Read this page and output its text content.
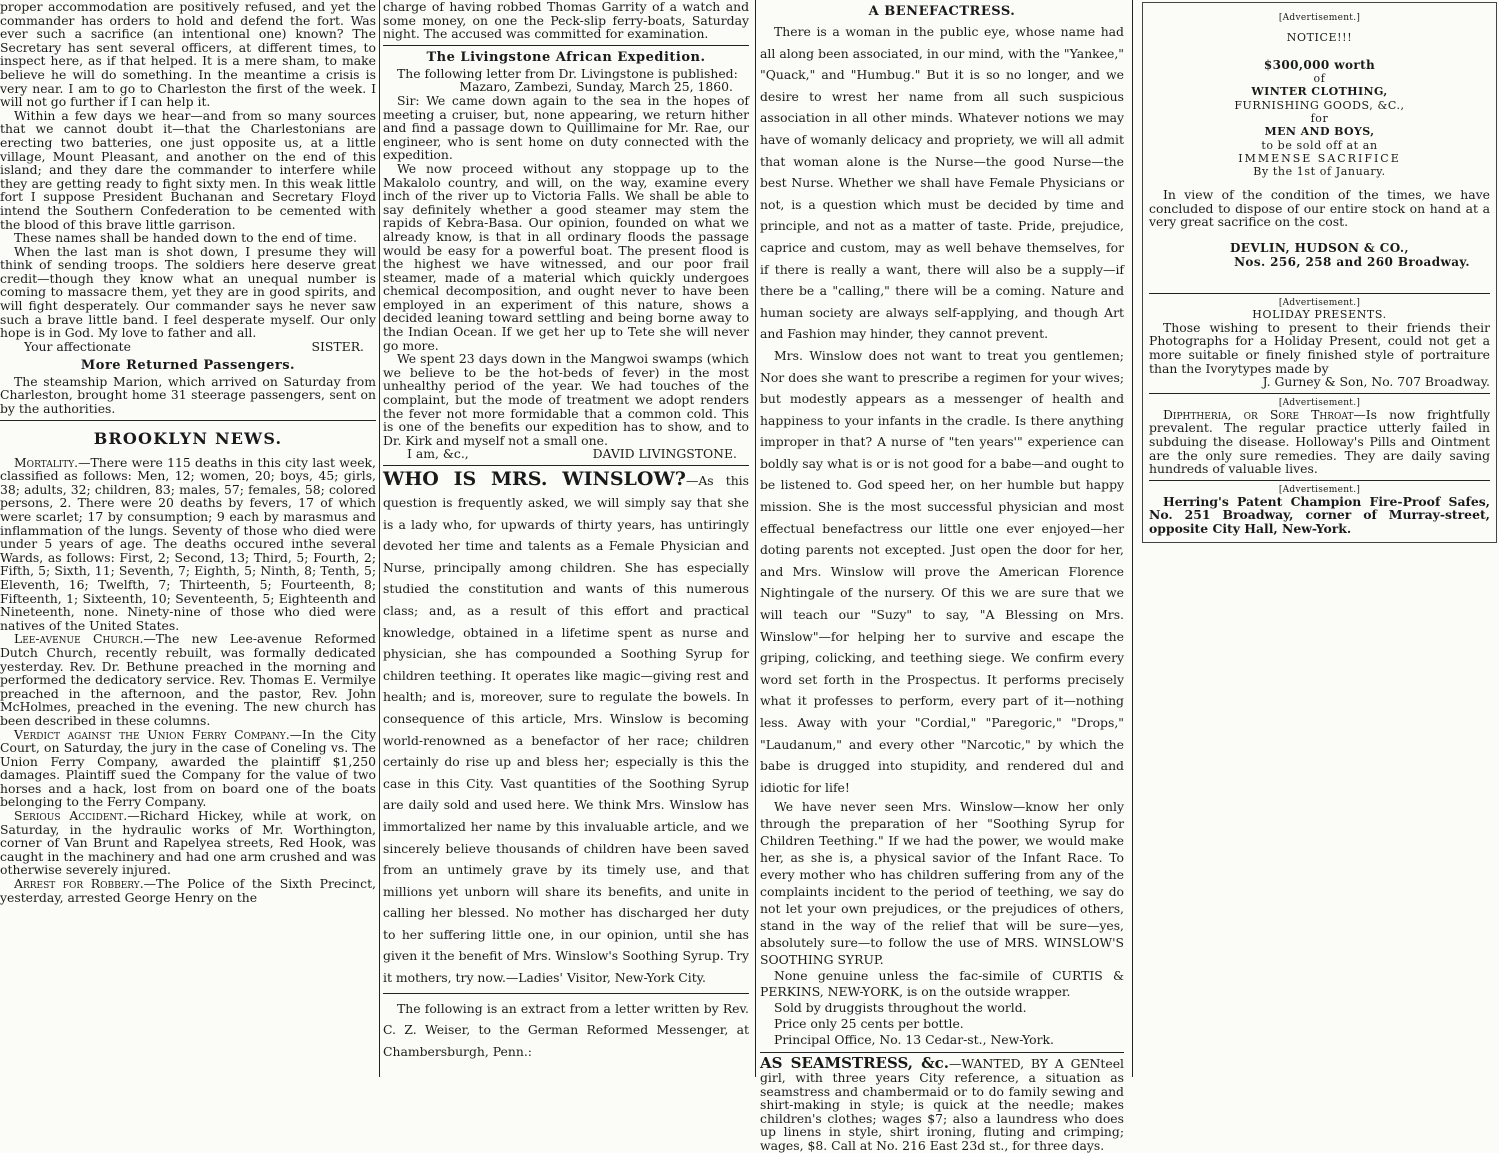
proper accommodation are positively refused, and yet the commander has orders to hold and defend the fort. Was ever such a sacrifice (an intentional one) known? The Secretary has sent several officers, at different times, to inspect here, as if that helped. It is a mere sham, to make believe he will do something. In the meantime a crisis is very near. I am to go to Charleston the first of the week. I will not go further if I can help it.

Within a few days we hear—and from so many sources that we cannot doubt it—that the Charlestonians are erecting two batteries, one just opposite us, at a little village, Mount Pleasant, and another on the end of this island; and they dare the commander to interfere while they are getting ready to fight sixty men. In this weak little fort I suppose President Buchanan and Secretary Floyd intend the Southern Confederation to be cemented with the blood of this brave little garrison.

These names shall be handed down to the end of time.

When the last man is shot down, I presume they will think of sending troops. The soldiers here deserve great credit—though they know what an unequal number is coming to massacre them, yet they are in good spirits, and will fight desperately. Our commander says he never saw such a brave little band. I feel desperate myself. Our only hope is in God. My love to father and all.

Your affectionate	SISTER.
More Returned Passengers.

The steamship Marion, which arrived on Saturday from Charleston, brought home 31 steerage passengers, sent on by the authorities.

BROOKLYN NEWS.

Mortality.—There were 115 deaths in this city last week, classified as follows: Men, 12; women, 20; boys, 45; girls, 38; adults, 32; children, 83; males, 57; females, 58; colored persons, 2. There were 20 deaths by fevers, 17 of which were scarlet; 17 by consumption; 9 each by marasmus and inflammation of the lungs. Seventy of those who died were under 5 years of age. The deaths occured inthe several Wards, as follows: First, 2; Second, 13; Third, 5; Fourth, 2; Fifth, 5; Sixth, 11; Seventh, 7; Eighth, 5; Ninth, 8; Tenth, 5; Eleventh, 16; Twelfth, 7; Thirteenth, 5; Fourteenth, 8; Fifteenth, 1; Sixteenth, 10; Seventeenth, 5; Eighteenth and Nineteenth, none. Ninety-nine of those who died were natives of the United States.

Lee-avenue Church.—The new Lee-avenue Reformed Dutch Church, recently rebuilt, was formally dedicated yesterday. Rev. Dr. Bethune preached in the morning and performed the dedicatory service. Rev. Thomas E. Vermilye preached in the afternoon, and the pastor, Rev. John McHolmes, preached in the evening. The new church has been described in these columns.

Verdict against the Union Ferry Company.—In the City Court, on Saturday, the jury in the case of Coneling vs. The Union Ferry Company, awarded the plaintiff $1,250 damages. Plaintiff sued the Company for the value of two horses and a hack, lost from on board one of the boats belonging to the Ferry Company.

Serious Accident.—Richard Hickey, while at work, on Saturday, in the hydraulic works of Mr. Worthington, corner of Van Brunt and Rapelyea streets, Red Hook, was caught in the machinery and had one arm crushed and was otherwise severely injured.

Arrest for Robbery.—The Police of the Sixth Precinct, yesterday, arrested George Henry on the

charge of having robbed Thomas Garrity of a watch and some money, on one the Peck-slip ferry-boats, Saturday night. The accused was committed for examination.

The Livingstone African Expedition.

The following letter from Dr. Livingstone is published:

Mazaro, Zambezi, Sunday, March 25, 1860.

Sir: We came down again to the sea in the hopes of meeting a cruiser, but, none appearing, we return hither and find a passage down to Quillimaine for Mr. Rae, our engineer, who is sent home on duty connected with the expedition.

We now proceed without any stoppage up to the Makalolo country, and will, on the way, examine every inch of the river up to Victoria Falls. We shall be able to say definitely whether a good steamer may stem the rapids of Kebra-Basa. Our opinion, founded on what we already know, is that in all ordinary floods the passage would be easy for a powerful boat. The present flood is the highest we have witnessed, and our poor frail steamer, made of a material which quickly undergoes chemical decomposition, and ought never to have been employed in an experiment of this nature, shows a decided leaning toward settling and being borne away to the Indian Ocean. If we get her up to Tete she will never go more.

We spent 23 days down in the Mangwoi swamps (which we believe to be the hot-beds of fever) in the most unhealthy period of the year. We had touches of the complaint, but the mode of treatment we adopt renders the fever not more formidable that a common cold. This is one of the benefits our expedition has to show, and to Dr. Kirk and myself not a small one.

I am, &c.,	DAVID LIVINGSTONE.

WHO IS MRS. WINSLOW?—As this question is frequently asked, we will simply say that she is a lady who, for upwards of thirty years, has untiringly devoted her time and talents as a Female Physician and Nurse, principally among children. She has especially studied the constitution and wants of this numerous class; and, as a result of this effort and practical knowledge, obtained in a lifetime spent as nurse and physician, she has compounded a Soothing Syrup for children teething. It operates like magic—giving rest and health; and is, moreover, sure to regulate the bowels. In consequence of this article, Mrs. Winslow is becoming world-renowned as a benefactor of her race; children certainly do rise up and bless her; especially is this the case in this City. Vast quantities of the Soothing Syrup are daily sold and used here. We think Mrs. Winslow has immortalized her name by this invaluable article, and we sincerely believe thousands of children have been saved from an untimely grave by its timely use, and that millions yet unborn will share its benefits, and unite in calling her blessed. No mother has discharged her duty to her suffering little one, in our opinion, until she has given it the benefit of Mrs. Winslow's Soothing Syrup. Try it mothers, try now.—Ladies' Visitor, New-York City.

The following is an extract from a letter written by Rev. C. Z. Weiser, to the German Reformed Messenger, at Chambersburgh, Penn.:

A BENEFACTRESS.

There is a woman in the public eye, whose name had all along been associated, in our mind, with the "Yankee," "Quack," and "Humbug." But it is so no longer, and we desire to wrest her name from all such suspicious association in all other minds. Whatever notions we may have of womanly delicacy and propriety, we will all admit that woman alone is the Nurse—the good Nurse—the best Nurse. Whether we shall have Female Physicians or not, is a question which must be decided by time and principle, and not as a matter of taste. Pride, prejudice, caprice and custom, may as well behave themselves, for if there is really a want, there will also be a supply—if there be a "calling," there will be a coming. Nature and human society are always self-applying, and though Art and Fashion may hinder, they cannot prevent.

Mrs. Winslow does not want to treat you gentlemen; Nor does she want to prescribe a regimen for your wives; but modestly appears as a messenger of health and happiness to your infants in the cradle. Is there anything improper in that? A nurse of "ten years'" experience can boldly say what is or is not good for a babe—and ought to be listened to. God speed her, on her humble but happy mission. She is the most successful physician and most effectual benefactress our little one ever enjoyed—her doting parents not excepted. Just open the door for her, and Mrs. Winslow will prove the American Florence Nightingale of the nursery. Of this we are sure that we will teach our "Suzy" to say, "A Blessing on Mrs. Winslow"—for helping her to survive and escape the griping, colicking, and teething siege. We confirm every word set forth in the Prospectus. It performs precisely what it professes to perform, every part of it—nothing less. Away with your "Cordial," "Paregoric," "Drops," "Laudanum," and every other "Narcotic," by which the babe is drugged into stupidity, and rendered dul and idiotic for life!

We have never seen Mrs. Winslow—know her only through the preparation of her "Soothing Syrup for Children Teething." If we had the power, we would make her, as she is, a physical savior of the Infant Race. To every mother who has children suffering from any of the complaints incident to the period of teething, we say do not let your own prejudices, or the prejudices of others, stand in the way of the relief that will be sure—yes, absolutely sure—to follow the use of MRS. WINSLOW'S SOOTHING SYRUP.

None genuine unless the fac-simile of CURTIS & PERKINS, NEW-YORK, is on the outside wrapper.

Sold by druggists throughout the world.

Price only 25 cents per bottle.

Principal Office, No. 13 Cedar-st., New-York.

AS SEAMSTRESS, &c.—WANTED, BY A GENteel girl, with three years City reference, a situation as seamstress and chambermaid or to do family sewing and shirt-making in style; is quick at the needle; makes children's clothes; wages $7; also a laundress who does up linens in style, shirt ironing, fluting and crimping; wages, $8. Call at No. 216 East 23d st., for three days.

[Advertisement.]
NOTICE!!!
$300,000 worth
of
WINTER CLOTHING,
FURNISHING GOODS, &C.,
for
MEN AND BOYS,
to be sold off at an
IMMENSE SACRIFICE
By the 1st of January.

In view of the condition of the times, we have concluded to dispose of our entire stock on hand at a very great sacrifice on the cost.

DEVLIN, HUDSON & CO.,
Nos. 256, 258 and 260 Broadway.
[Advertisement.]
HOLIDAY PRESENTS.

Those wishing to present to their friends their Photographs for a Holiday Present, could not get a more suitable or finely finished style of portraiture than the Ivorytypes made by

J. Gurney & Son, No. 707 Broadway.

[Advertisement.]

Diphtheria, or Sore Throat—Is now frightfully prevalent. The regular practice utterly failed in subduing the disease. Holloway's Pills and Ointment are the only sure remedies. They are daily saving hundreds of valuable lives.

[Advertisement.]

Herring's Patent Champion Fire-Proof Safes, No. 251 Broadway, corner of Murray-street, opposite City Hall, New-York.
